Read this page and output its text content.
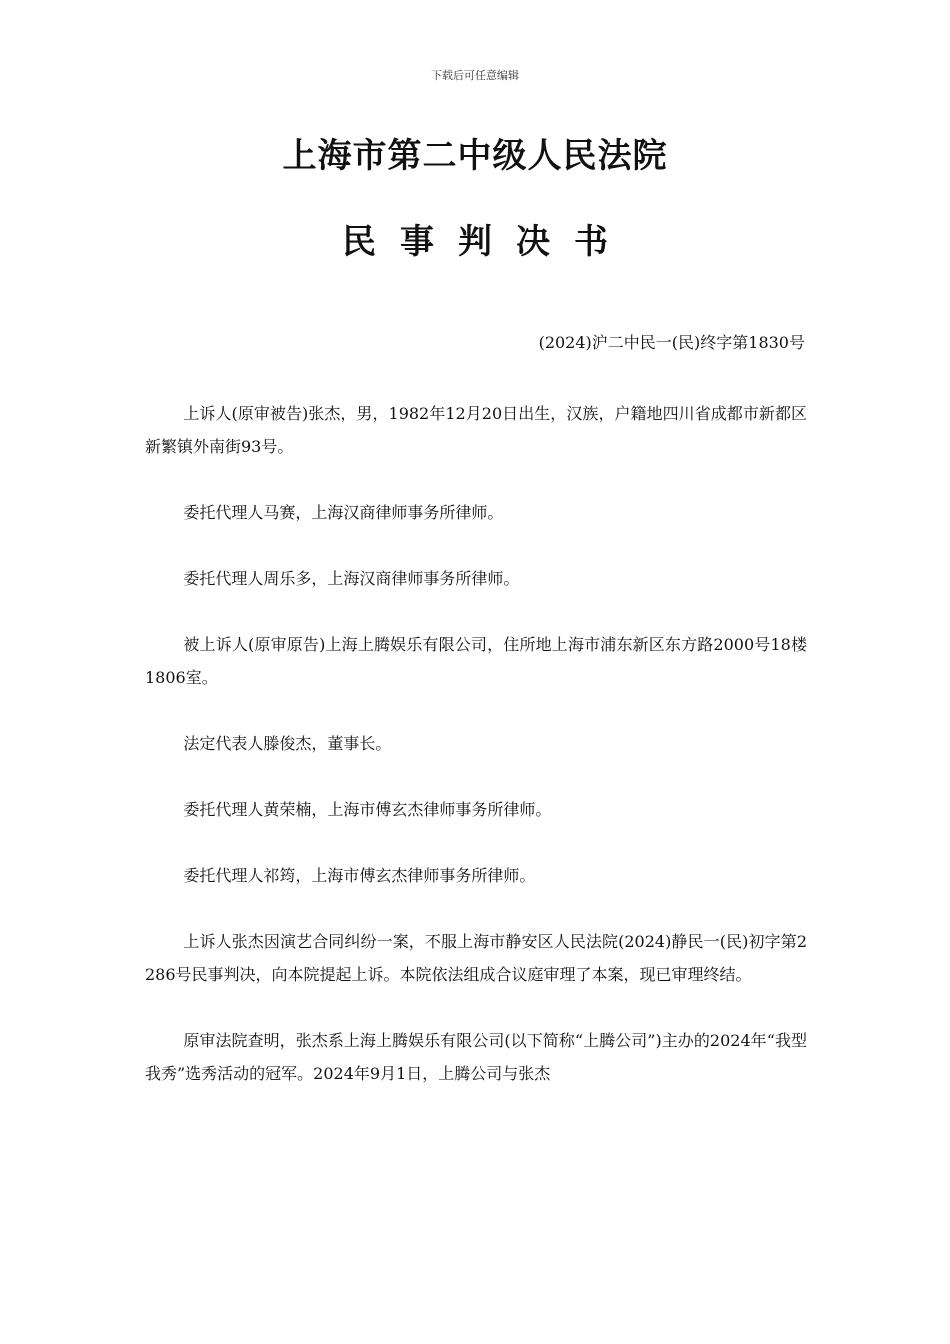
下载后可任意编辑
上海市第二中级人民法院
民事判决书
(2024)沪二中民一(民)终字第1830号

上诉人(原审被告)张杰，男，1982年12月20日出生，汉族，户籍地四川省成都市新都区新繁镇外南街93号。

委托代理人马赛，上海汉商律师事务所律师。

委托代理人周乐多，上海汉商律师事务所律师。

被上诉人(原审原告)上海上腾娱乐有限公司，住所地上海市浦东新区东方路2000号18楼1806室。

法定代表人滕俊杰，董事长。

委托代理人黄荣楠，上海市傅玄杰律师事务所律师。

委托代理人祁筠，上海市傅玄杰律师事务所律师。

上诉人张杰因演艺合同纠纷一案，不服上海市静安区人民法院(2024)静民一(民)初字第2286号民事判决，向本院提起上诉。本院依法组成合议庭审理了本案，现已审理终结。

原审法院查明，张杰系上海上腾娱乐有限公司(以下简称“上腾公司”)主办的2024年“我型我秀”选秀活动的冠军。2024年9月1日，上腾公司与张杰
